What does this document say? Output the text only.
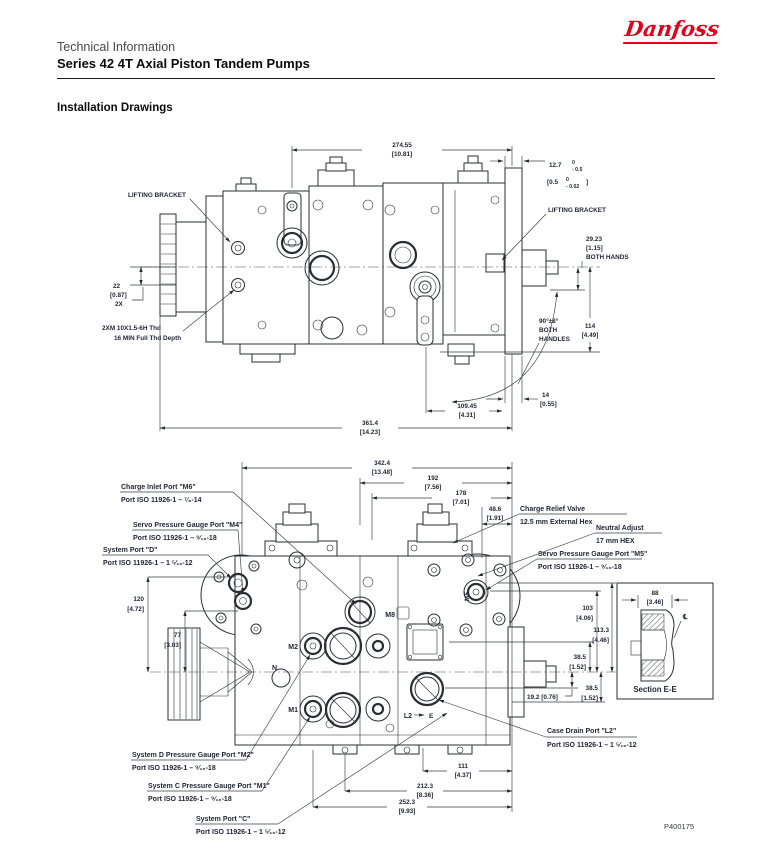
Danfoss
Technical Information
Series 42 4T Axial Piston Tandem Pumps
Installation Drawings
274.55
[10.81]
12.7 0
- 0.5
[0.5 0
- 0.02
]
LIFTING BRACKET
LIFTING BRACKET
29.23
[1.15]
BOTH HANDS
114
[4.49]
90°±8°
BOTH
HANDLES
22
[0.87]
2X
2XM 10X1.5-6H Thd
16 MIN Full Thd Depth
14
[0.55]
109.45
[4.31]
361.4
[14.23]
M2
N
M1
M8
L2	E
M5
342.4
[13.48]
192
[7.56]
178
[7.01]
48.6
[1.91]
120
[4.72]
77
[3.03]
103
[4.06]
113.3
[4.46]
38.5
[1.52]
38.5
[1.52]
19.2 [0.76]
111
[4.37]
212.3
[8.36]
252.3
[9.93]
Charge Inlet Port "M6"
Port ISO 11926-1 – ⁷⁄₈-14
Servo Pressure Gauge Port "M4"
Port ISO 11926-1 – ⁹⁄₁₆-18
System Port "D"
Port ISO 11926-1 – 1 ⁵⁄₁₆-12
Charge Relief Valve
12.5 mm External Hex
Neutral Adjust
17 mm HEX
Servo Pressure Gauge Port "M5"
Port ISO 11926-1 – ⁹⁄₁₆-18
System D Pressure Gauge Port "M2"
Port ISO 11926-1 – ⁹⁄₁₆-18
System C Pressure Gauge Port "M1"
Port ISO 11926-1 – ⁹⁄₁₆-18
System Port "C"
Port ISO 11926-1 – 1 ⁵⁄₁₆-12
Case Drain Port "L2"
Port ISO 11926-1 – 1 ⁵⁄₁₆-12
88
[3.46]
℄
Section E-E
P400175
